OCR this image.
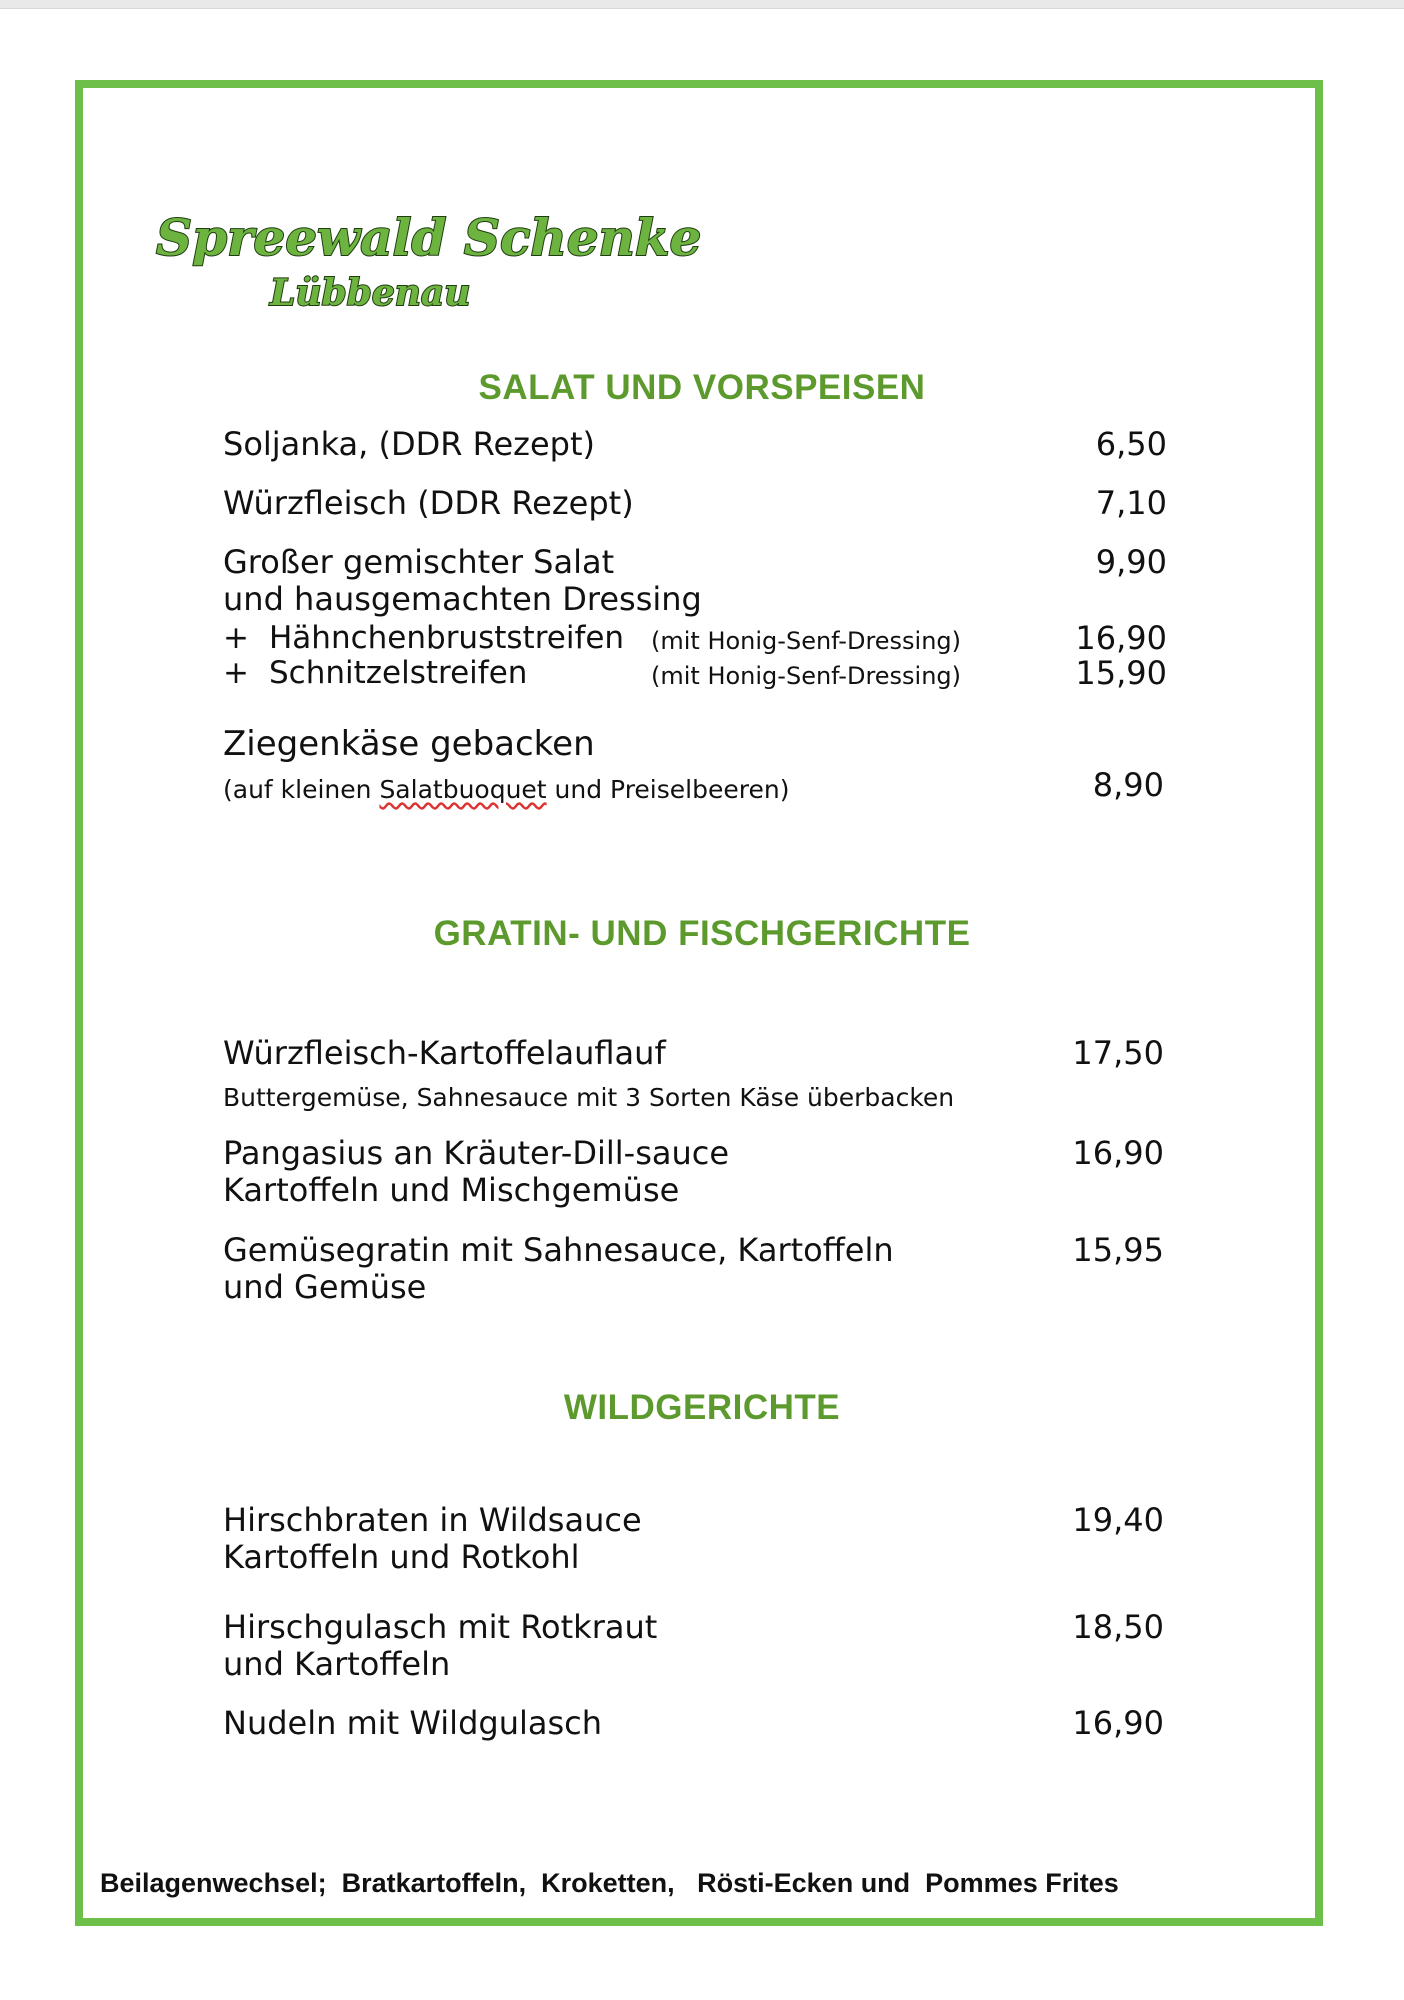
Spreewald Schenke
Lübbenau
SALAT UND VORSPEISEN
Soljanka, (DDR Rezept)	6,50
Würzfleisch (DDR Rezept)	7,10
Großer gemischter Salat
und hausgemachten Dressing
9,90
+ Hähnchenbruststreifen (mit Honig-Senf-Dressing)	16,90
+ Schnitzelstreifen	(mit Honig-Senf-Dressing)	15,90
Ziegenkäse gebacken
(auf kleinen Salatbuoquet und Preiselbeeren)	8,90
GRATIN- UND FISCHGERICHTE
Würzfleisch-Kartoffelauflauf
Buttergemüse, Sahnesauce mit 3 Sorten Käse überbacken
17,50
Pangasius an Kräuter-Dill-sauce
Kartoffeln und Mischgemüse
16,90
Gemüsegratin mit Sahnesauce, Kartoffeln
und Gemüse
15,95
WILDGERICHTE
Hirschbraten in Wildsauce
Kartoffeln und Rotkohl
19,40
Hirschgulasch mit Rotkraut
und Kartoffeln
18,50
Nudeln mit Wildgulasch	16,90
Beilagenwechsel;  Bratkartoffeln,  Kroketten,   Rösti-Ecken und  Pommes Frites
